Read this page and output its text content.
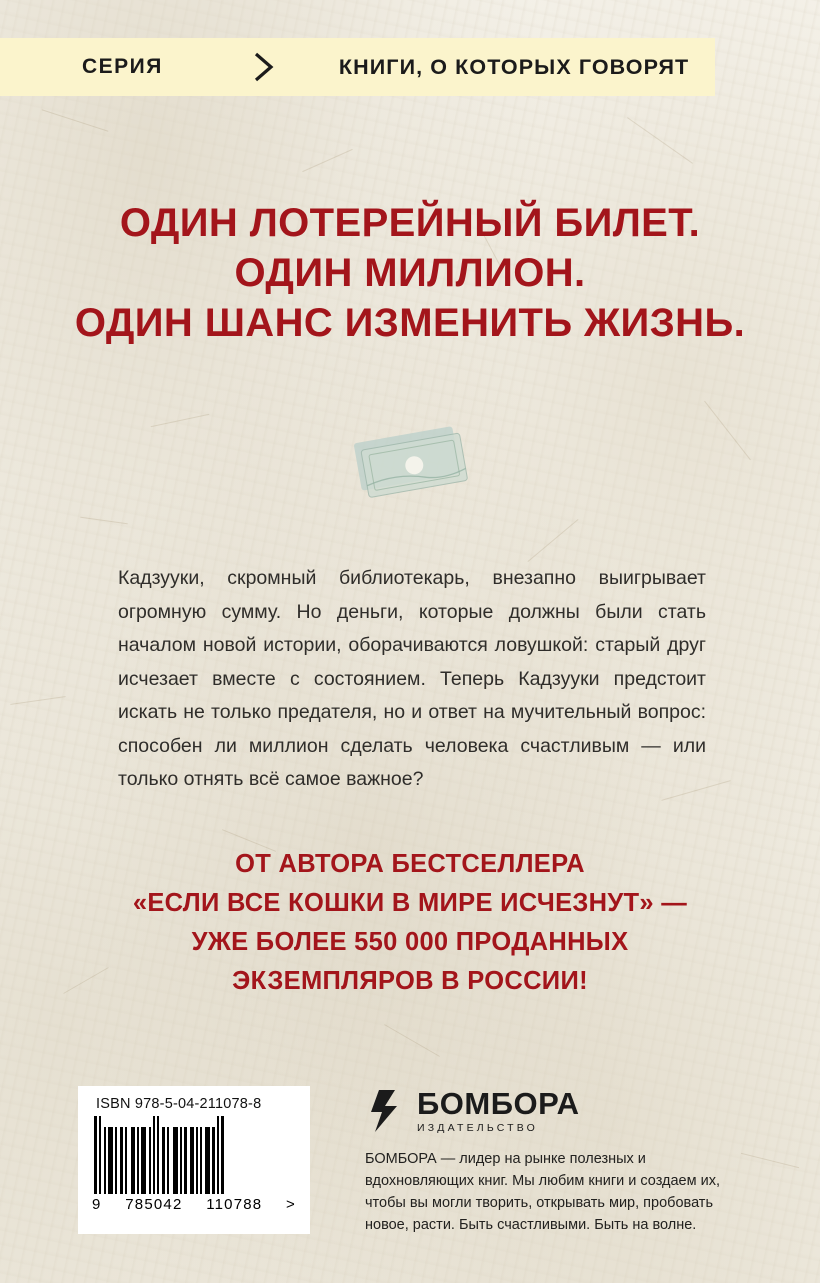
СЕРИЯ	КНИГИ, О КОТОРЫХ ГОВОРЯТ
ОДИН ЛОТЕРЕЙНЫЙ БИЛЕТ.
ОДИН МИЛЛИОН.
ОДИН ШАНС ИЗМЕНИТЬ ЖИЗНЬ.
Кадзууки, скромный библиотекарь, внезапно выигрывает огромную сумму. Но деньги, которые должны были стать началом новой истории, оборачиваются ловушкой: старый друг исчезает вместе с состоянием. Теперь Кадзууки предстоит искать не только предателя, но и ответ на мучительный вопрос: способен ли миллион сделать человека счастливым — или только отнять всё самое важное?
ОТ АВТОРА БЕСТСЕЛЛЕРА
«ЕСЛИ ВСЕ КОШКИ В МИРЕ ИСЧЕЗНУТ» —
УЖЕ БОЛЕЕ 550 000 ПРОДАННЫХ
ЭКЗЕМПЛЯРОВ В РОССИИ!
ISBN 978-5-04-211078-8
9 785042 110788 >
БОМБОРА
ИЗДАТЕЛЬСТВО
БОМБОРА — лидер на рынке полезных и вдохновляющих книг. Мы любим книги и создаем их, чтобы вы могли творить, открывать мир, пробовать новое, расти. Быть счастливыми. Быть на волне.
